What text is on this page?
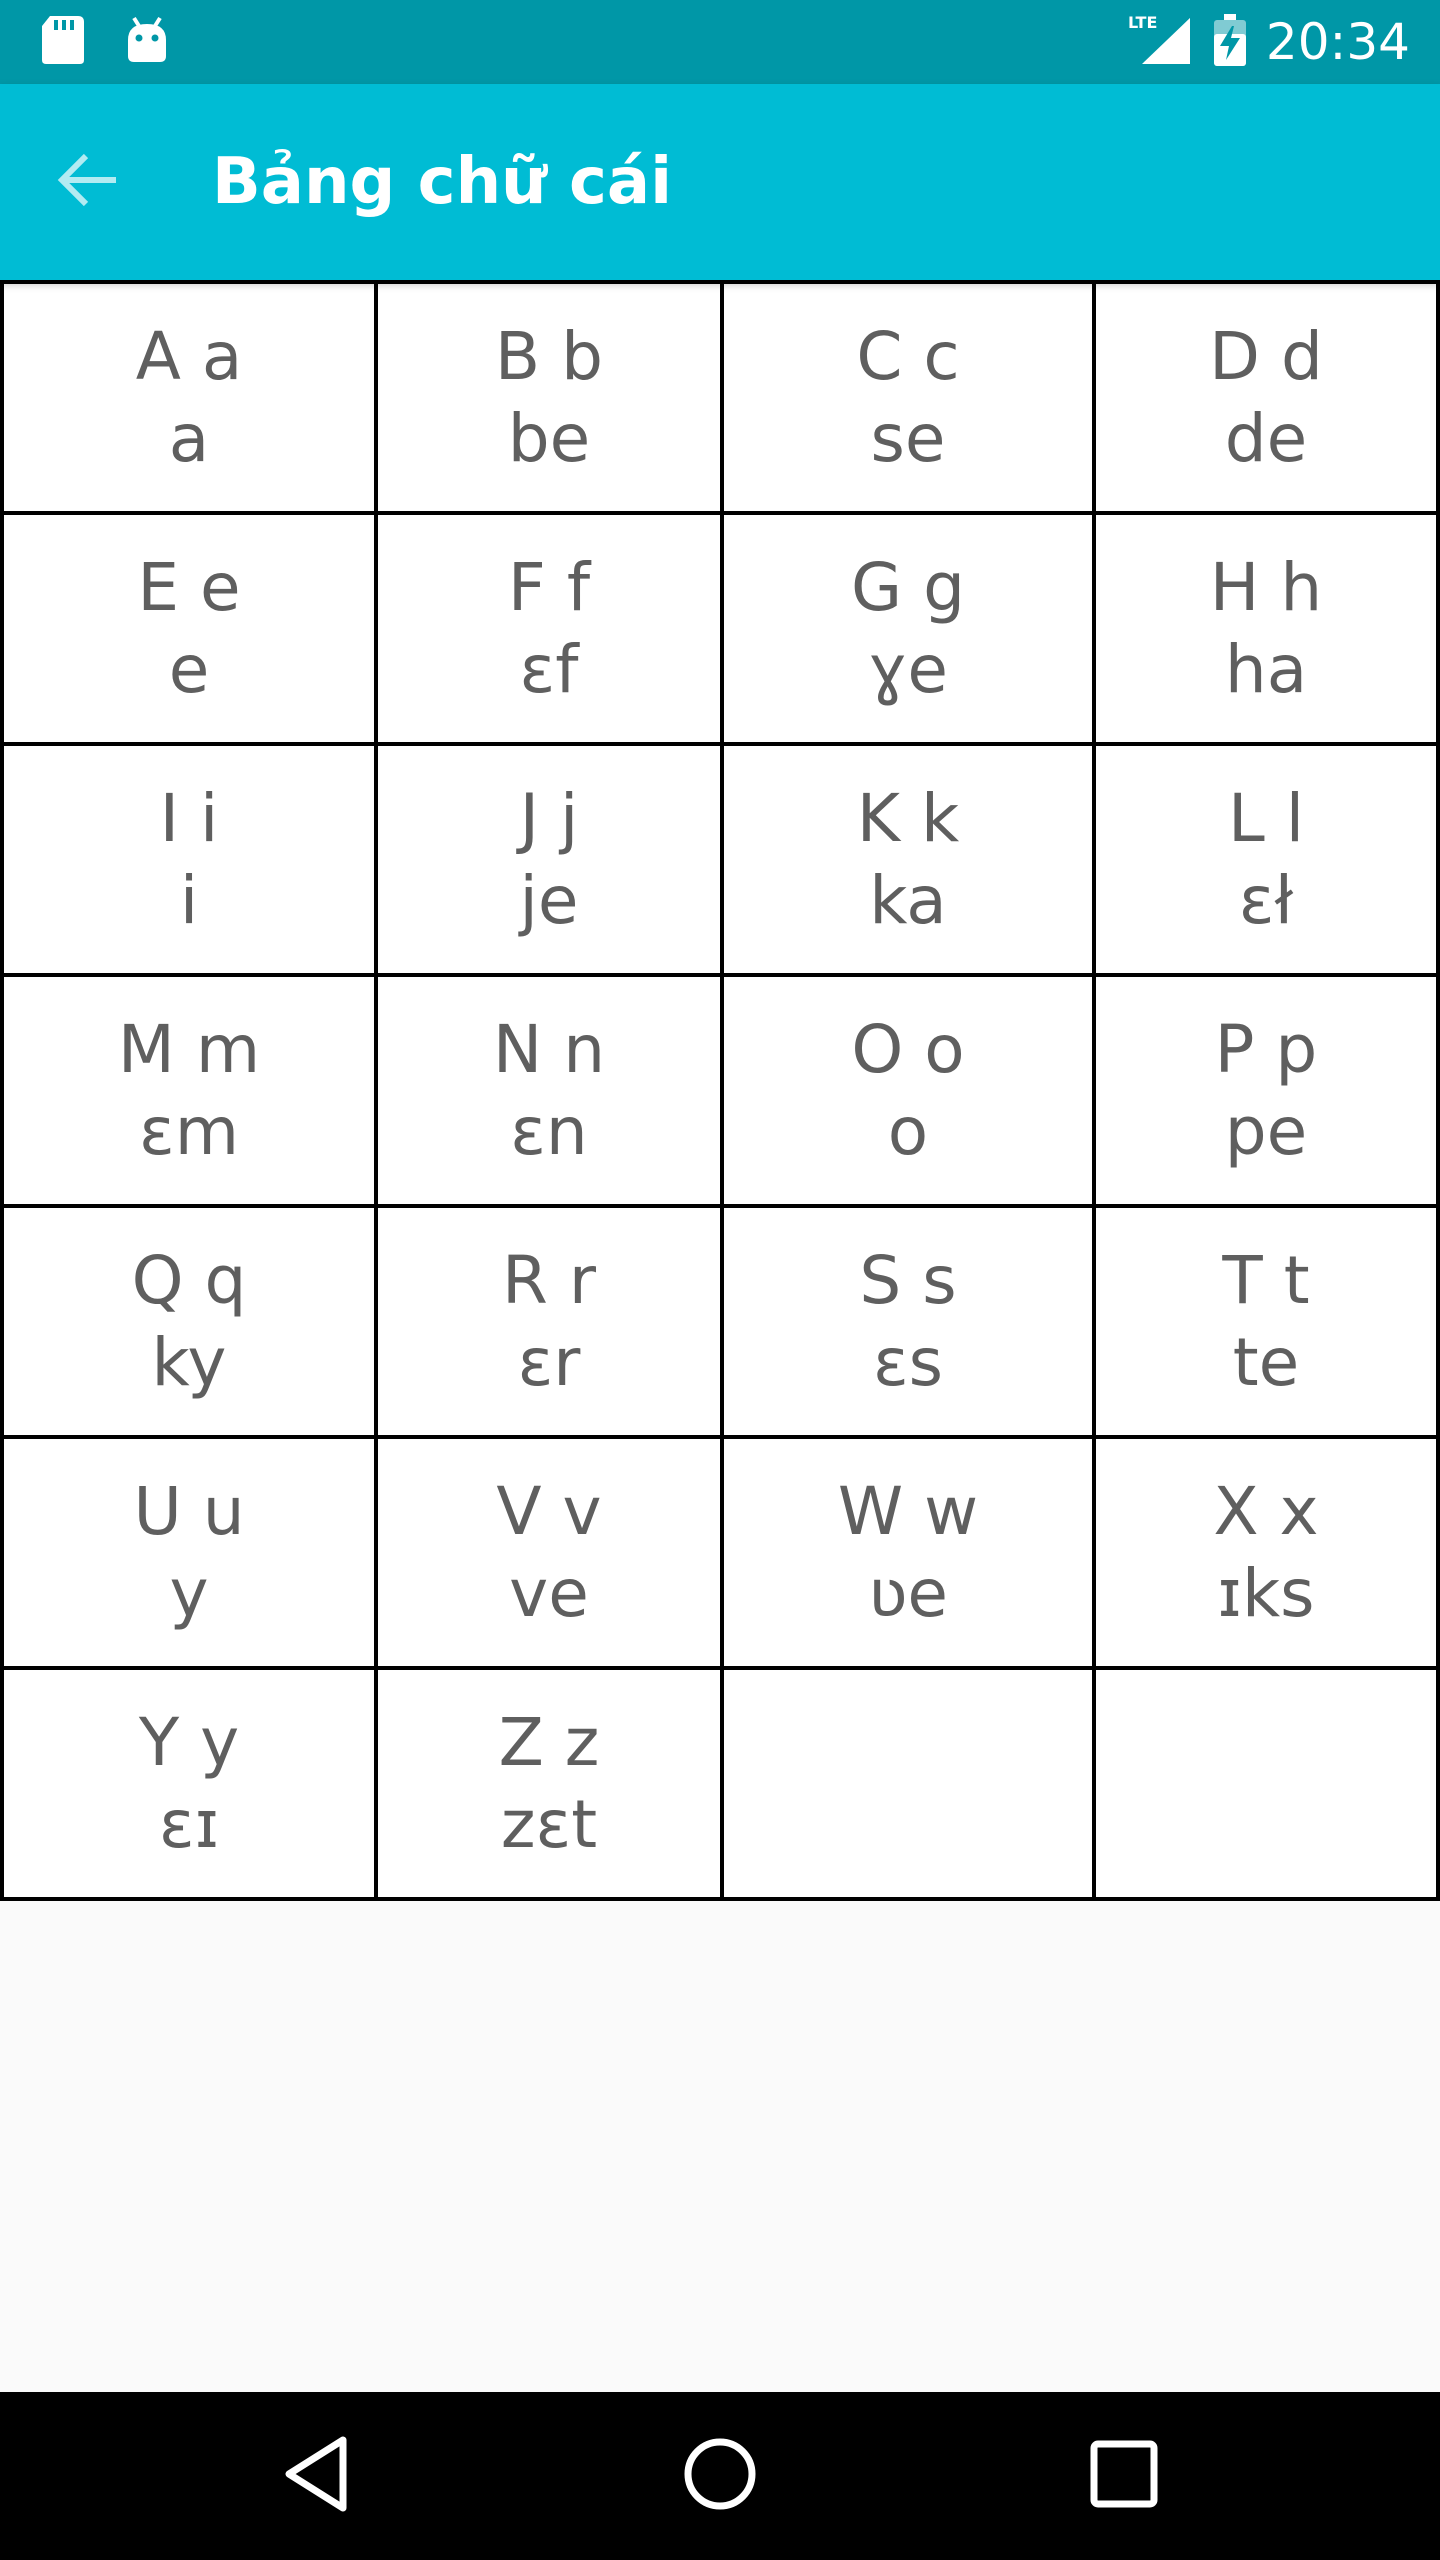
LTE 20:34
Bảng chữ cái
A a
a
B b
be
C c
se
D d
de
E e
e
F f
ɛf
G g
ɣe
H h
ha
I i
i
J j
je
K k
ka
L l
ɛł
M m
ɛm
N n
ɛn
O o
o
P p
pe
Q q
ky
R r
ɛr
S s
ɛs
T t
te
U u
y
V v
ve
W w
ʋe
X x
ɪks
Y y
ɛɪ
Z z
zɛt
